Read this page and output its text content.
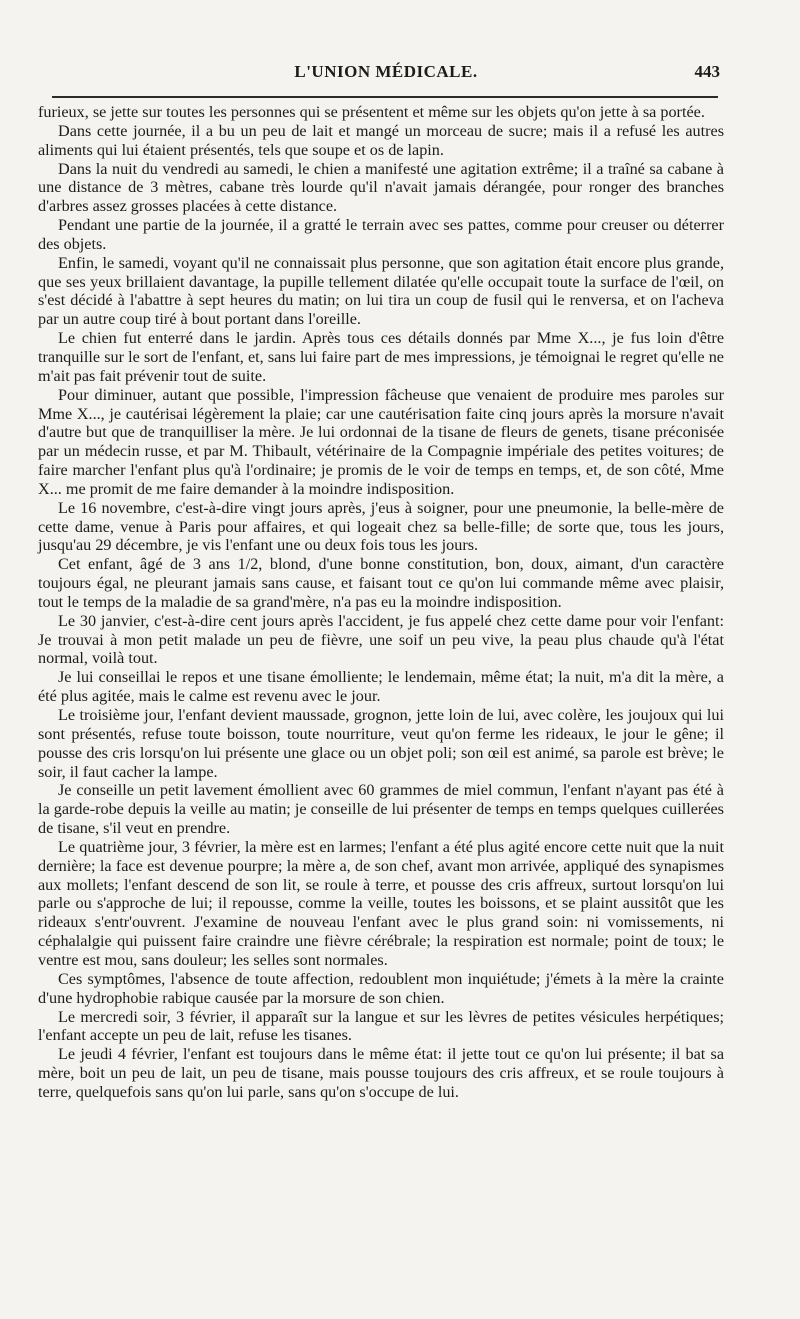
L'UNION MÉDICALE.	443

furieux, se jette sur toutes les personnes qui se présentent et même sur les objets qu'on jette à sa portée.

Dans cette journée, il a bu un peu de lait et mangé un morceau de sucre; mais il a refusé les autres aliments qui lui étaient présentés, tels que soupe et os de lapin.

Dans la nuit du vendredi au samedi, le chien a manifesté une agitation extrême; il a traîné sa cabane à une distance de 3 mètres, cabane très lourde qu'il n'avait jamais dérangée, pour ronger des branches d'arbres assez grosses placées à cette distance.

Pendant une partie de la journée, il a gratté le terrain avec ses pattes, comme pour creuser ou déterrer des objets.

Enfin, le samedi, voyant qu'il ne connaissait plus personne, que son agitation était encore plus grande, que ses yeux brillaient davantage, la pupille tellement dilatée qu'elle occupait toute la surface de l'œil, on s'est décidé à l'abattre à sept heures du matin; on lui tira un coup de fusil qui le renversa, et on l'acheva par un autre coup tiré à bout portant dans l'oreille.

Le chien fut enterré dans le jardin. Après tous ces détails donnés par Mme X..., je fus loin d'être tranquille sur le sort de l'enfant, et, sans lui faire part de mes impressions, je témoignai le regret qu'elle ne m'ait pas fait prévenir tout de suite.

Pour diminuer, autant que possible, l'impression fâcheuse que venaient de produire mes paroles sur Mme X..., je cautérisai légèrement la plaie; car une cautérisation faite cinq jours après la morsure n'avait d'autre but que de tranquilliser la mère. Je lui ordonnai de la tisane de fleurs de genets, tisane préconisée par un médecin russe, et par M. Thibault, vétérinaire de la Compagnie impériale des petites voitures; de faire marcher l'enfant plus qu'à l'ordinaire; je promis de le voir de temps en temps, et, de son côté, Mme X... me promit de me faire demander à la moindre indisposition.

Le 16 novembre, c'est-à-dire vingt jours après, j'eus à soigner, pour une pneumonie, la belle-mère de cette dame, venue à Paris pour affaires, et qui logeait chez sa belle-fille; de sorte que, tous les jours, jusqu'au 29 décembre, je vis l'enfant une ou deux fois tous les jours.

Cet enfant, âgé de 3 ans 1/2, blond, d'une bonne constitution, bon, doux, aimant, d'un caractère toujours égal, ne pleurant jamais sans cause, et faisant tout ce qu'on lui commande même avec plaisir, tout le temps de la maladie de sa grand'mère, n'a pas eu la moindre indisposition.

Le 30 janvier, c'est-à-dire cent jours après l'accident, je fus appelé chez cette dame pour voir l'enfant: Je trouvai à mon petit malade un peu de fièvre, une soif un peu vive, la peau plus chaude qu'à l'état normal, voilà tout.

Je lui conseillai le repos et une tisane émolliente; le lendemain, même état; la nuit, m'a dit la mère, a été plus agitée, mais le calme est revenu avec le jour.

Le troisième jour, l'enfant devient maussade, grognon, jette loin de lui, avec colère, les joujoux qui lui sont présentés, refuse toute boisson, toute nourriture, veut qu'on ferme les rideaux, le jour le gêne; il pousse des cris lorsqu'on lui présente une glace ou un objet poli; son œil est animé, sa parole est brève; le soir, il faut cacher la lampe.

Je conseille un petit lavement émollient avec 60 grammes de miel commun, l'enfant n'ayant pas été à la garde-robe depuis la veille au matin; je conseille de lui présenter de temps en temps quelques cuillerées de tisane, s'il veut en prendre.

Le quatrième jour, 3 février, la mère est en larmes; l'enfant a été plus agité encore cette nuit que la nuit dernière; la face est devenue pourpre; la mère a, de son chef, avant mon arrivée, appliqué des synapismes aux mollets; l'enfant descend de son lit, se roule à terre, et pousse des cris affreux, surtout lorsqu'on lui parle ou s'approche de lui; il repousse, comme la veille, toutes les boissons, et se plaint aussitôt que les rideaux s'entr'ouvrent. J'examine de nouveau l'enfant avec le plus grand soin: ni vomissements, ni céphalalgie qui puissent faire craindre une fièvre cérébrale; la respiration est normale; point de toux; le ventre est mou, sans douleur; les selles sont normales.

Ces symptômes, l'absence de toute affection, redoublent mon inquiétude; j'émets à la mère la crainte d'une hydrophobie rabique causée par la morsure de son chien.

Le mercredi soir, 3 février, il apparaît sur la langue et sur les lèvres de petites vésicules herpétiques; l'enfant accepte un peu de lait, refuse les tisanes.

Le jeudi 4 février, l'enfant est toujours dans le même état: il jette tout ce qu'on lui présente; il bat sa mère, boit un peu de lait, un peu de tisane, mais pousse toujours des cris affreux, et se roule toujours à terre, quelquefois sans qu'on lui parle, sans qu'on s'occupe de lui.
